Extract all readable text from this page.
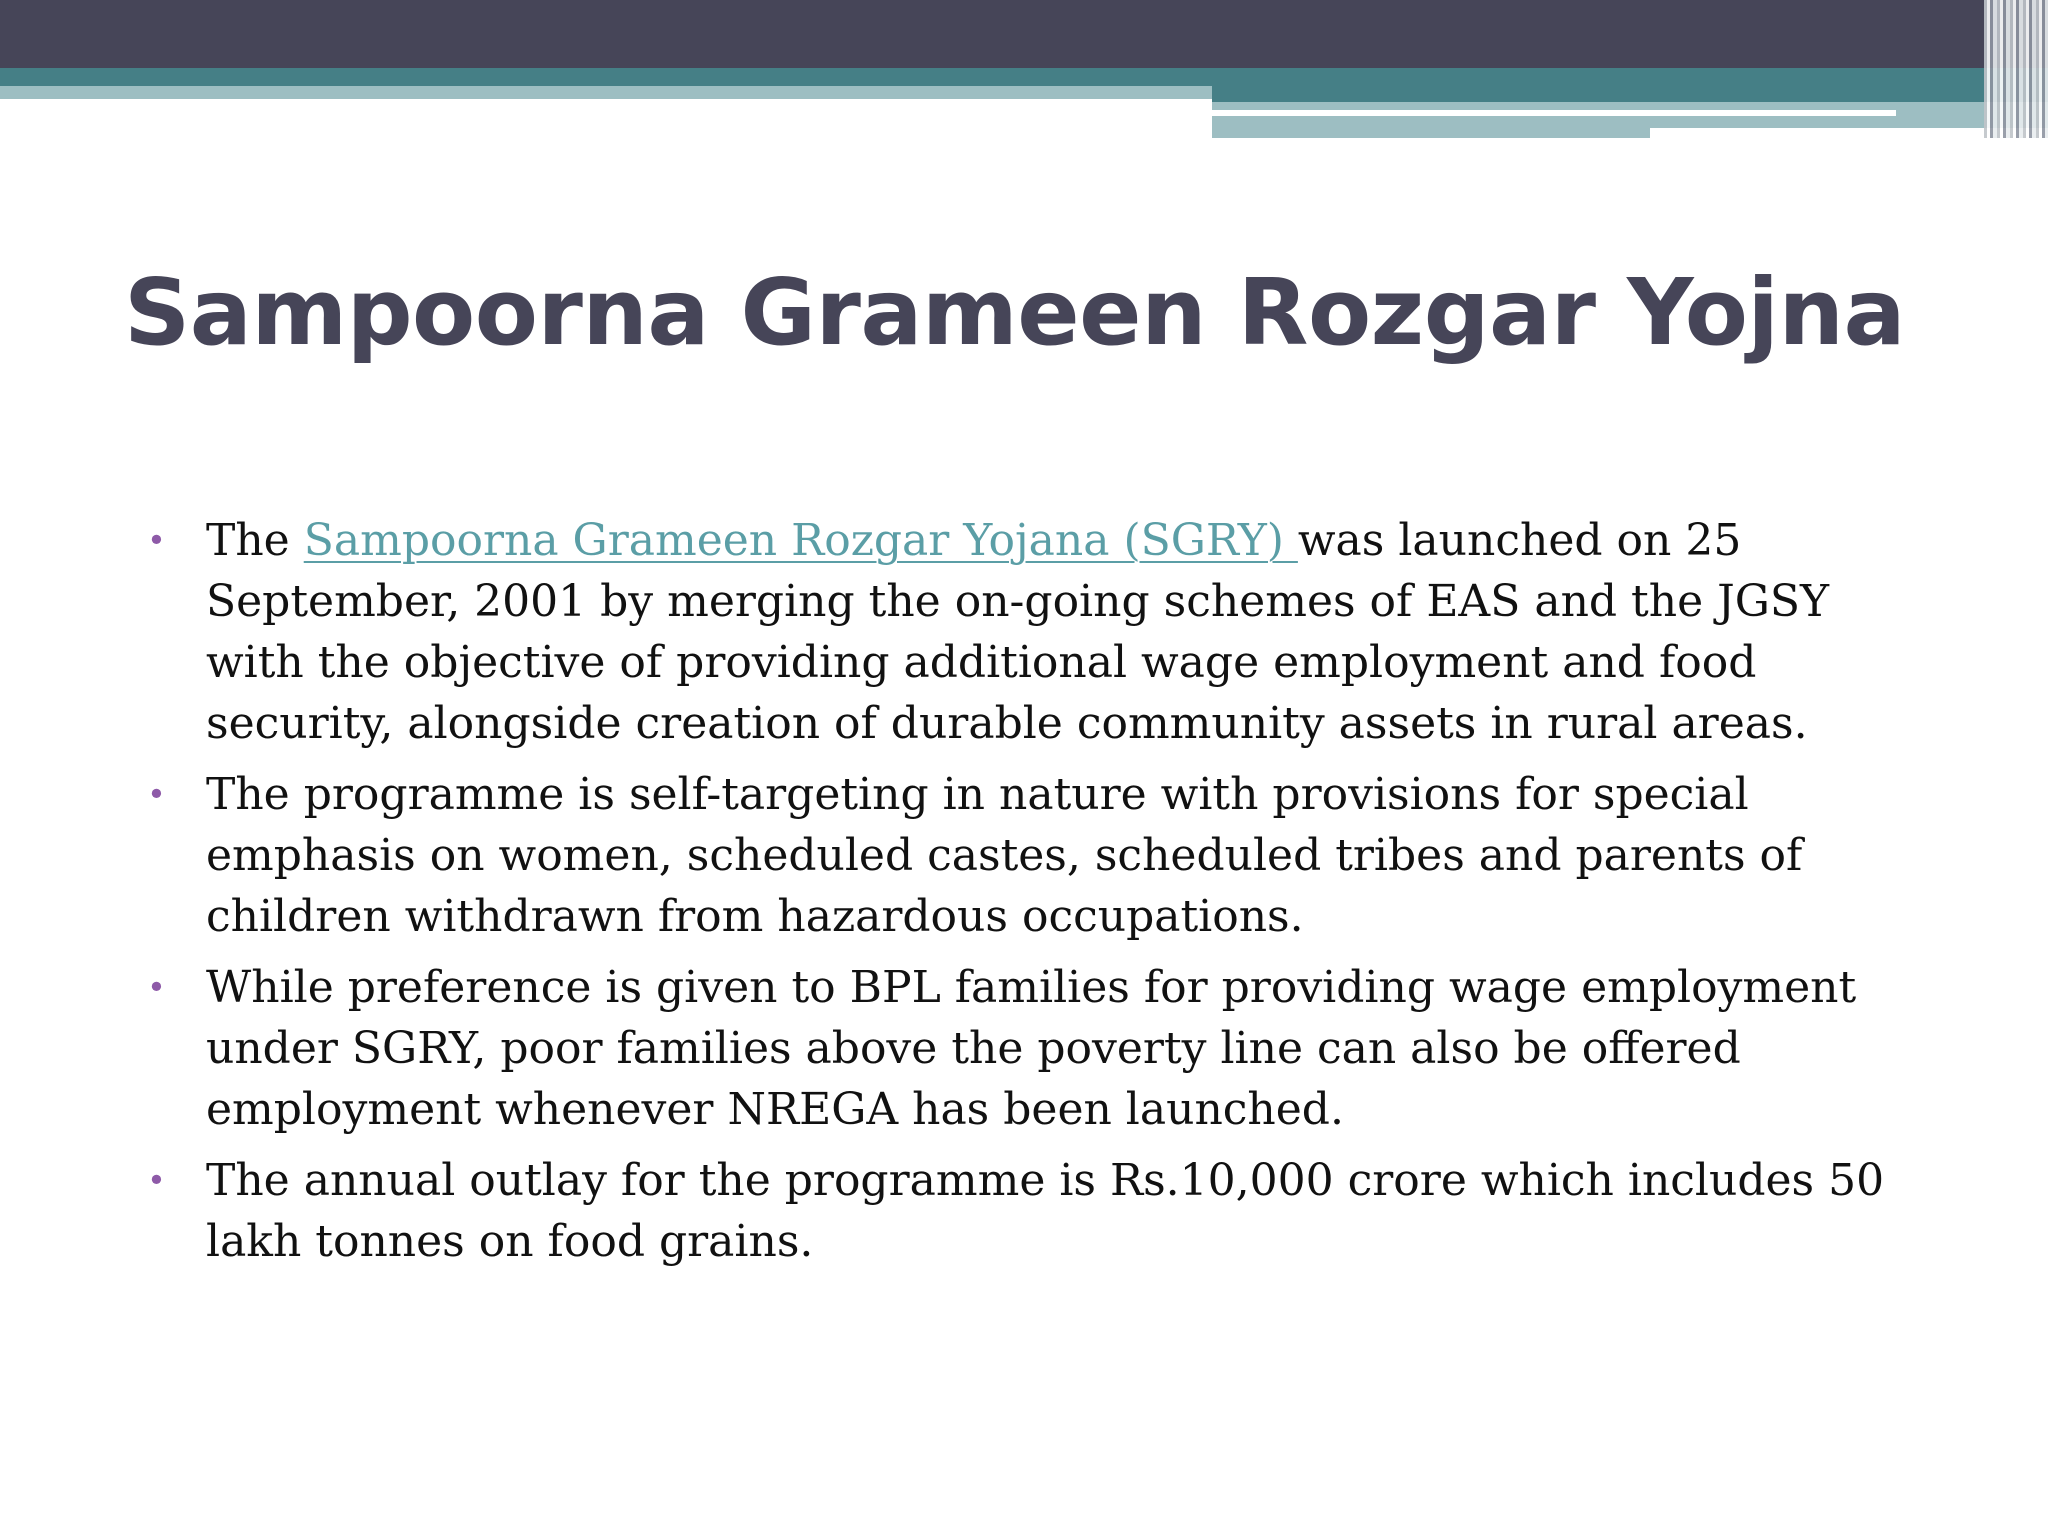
Sampoorna Grameen Rozgar Yojna
• The Sampoorna Grameen Rozgar Yojana (SGRY) was launched on 25 September, 2001 by merging the on-going schemes of EAS and the JGSY with the objective of providing additional wage employment and food security, alongside creation of durable community assets in rural areas.
• The programme is self-targeting in nature with provisions for special emphasis on women, scheduled castes, scheduled tribes and parents of children withdrawn from hazardous occupations.
• While preference is given to BPL families for providing wage employment under SGRY, poor families above the poverty line can also be offered employment whenever NREGA has been launched.
• The annual outlay for the programme is Rs.10,000 crore which includes 50 lakh tonnes on food grains.
